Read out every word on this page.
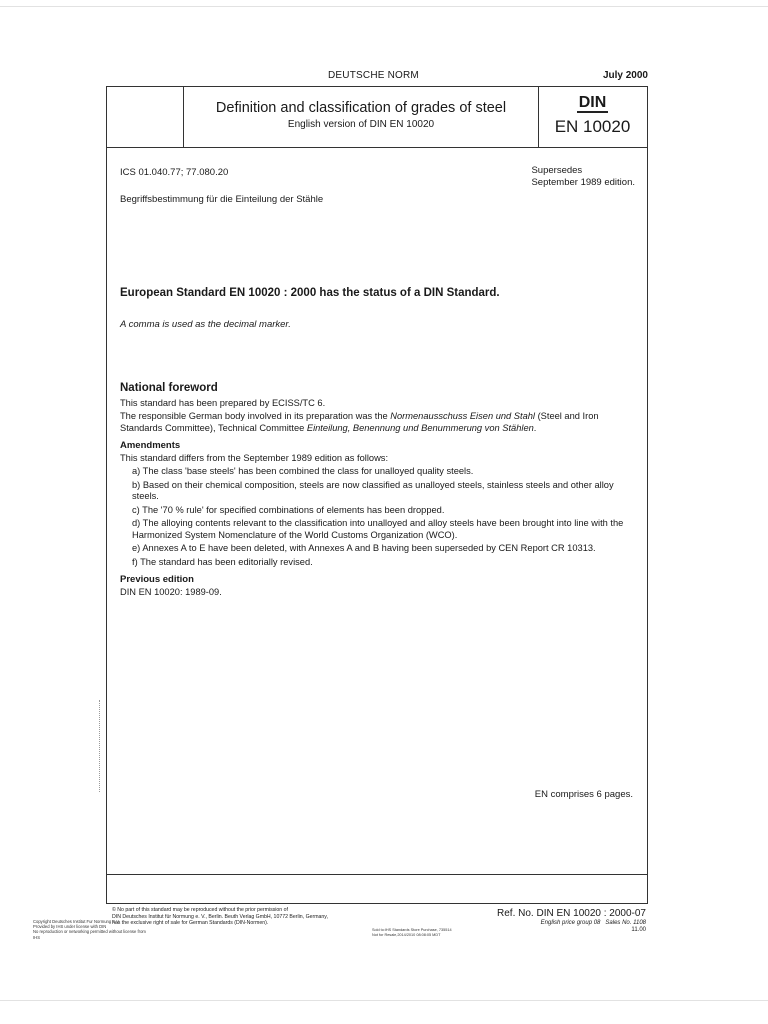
DEUTSCHE NORM	July 2000
Definition and classification of grades of steel
English version of DIN EN 10020
DIN
EN 10020
ICS 01.040.77; 77.080.20	Supersedes
September 1989 edition.
Begriffsbestimmung für die Einteilung der Stähle
European Standard EN 10020 : 2000 has the status of a DIN Standard.
A comma is used as the decimal marker.
National foreword

This standard has been prepared by ECISS/TC 6.

The responsible German body involved in its preparation was the Normenausschuss Eisen und Stahl (Steel and Iron Standards Committee), Technical Committee Einteilung, Benennung und Benummerung von Stählen.

Amendments

This standard differs from the September 1989 edition as follows:

a) The class 'base steels' has been combined the class for unalloyed quality steels.
b) Based on their chemical composition, steels are now classified as unalloyed steels, stainless steels and other alloy steels.
c) The '70 % rule' for specified combinations of elements has been dropped.
d) The alloying contents relevant to the classification into unalloyed and alloy steels have been brought into line with the Harmonized System Nomenclature of the World Customs Organization (WCO).
e) Annexes A to E have been deleted, with Annexes A and B having been superseded by CEN Report CR 10313.
f) The standard has been editorially revised.
Previous edition

DIN EN 10020: 1989-09.

EN comprises 6 pages.
© No part of this standard may be reproduced without the prior permission of
DIN Deutsches Institut für Normung e. V., Berlin. Beuth Verlag GmbH, 10772 Berlin, Germany,
has the exclusive right of sale for German Standards (DIN-Normen).
Copyright Deutsches Institut Fur Normung E.V.
Provided by IHS under license with DIN
No reproduction or networking permitted without license from IHS
Sold to:IHS Standards Store Purchase, 735514
Not for Resale,2014/2010 08:08:05 MDT
Ref. No. DIN EN 10020 : 2000-07
English price group 08 Sales No. 1108
11.00
